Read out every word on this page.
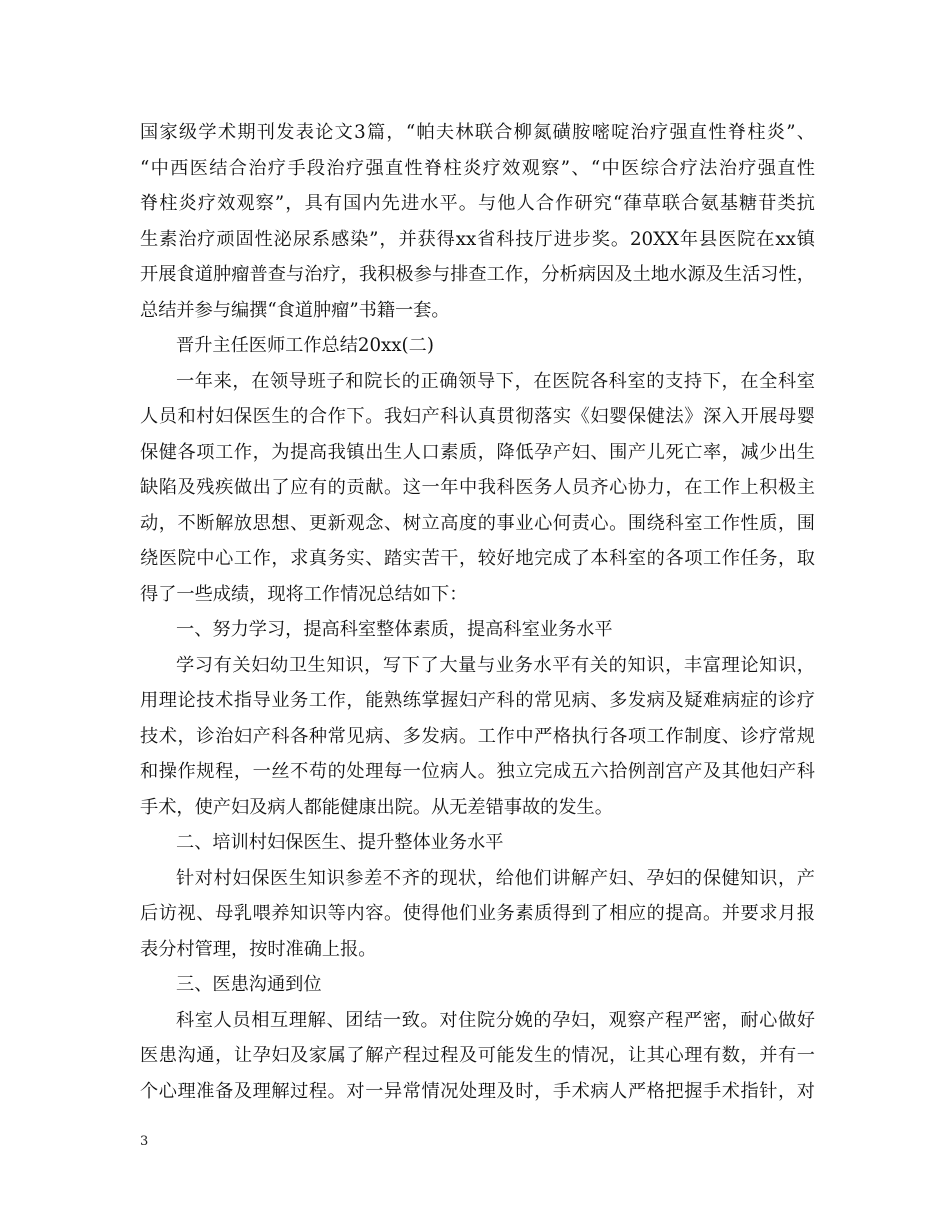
国家级学术期刊发表论文3篇，“帕夫林联合柳氮磺胺嘧啶治疗强直性脊柱炎”、
“中西医结合治疗手段治疗强直性脊柱炎疗效观察”、“中医综合疗法治疗强直性
脊柱炎疗效观察”，具有国内先进水平。与他人合作研究“葎草联合氨基糖苷类抗
生素治疗顽固性泌尿系感染”，并获得xx省科技厅进步奖。20XX年县医院在xx镇
开展食道肿瘤普查与治疗，我积极参与排查工作，分析病因及土地水源及生活习性，
总结并参与编撰“食道肿瘤”书籍一套。
晋升主任医师工作总结20xx(二)
一年来，在领导班子和院长的正确领导下，在医院各科室的支持下，在全科室
人员和村妇保医生的合作下。我妇产科认真贯彻落实《妇婴保健法》深入开展母婴
保健各项工作，为提高我镇出生人口素质，降低孕产妇、围产儿死亡率，减少出生
缺陷及残疾做出了应有的贡献。这一年中我科医务人员齐心协力，在工作上积极主
动，不断解放思想、更新观念、树立高度的事业心何责心。围绕科室工作性质，围
绕医院中心工作，求真务实、踏实苦干，较好地完成了本科室的各项工作任务，取
得了一些成绩，现将工作情况总结如下：
一、努力学习，提高科室整体素质，提高科室业务水平
学习有关妇幼卫生知识，写下了大量与业务水平有关的知识，丰富理论知识，
用理论技术指导业务工作，能熟练掌握妇产科的常见病、多发病及疑难病症的诊疗
技术，诊治妇产科各种常见病、多发病。工作中严格执行各项工作制度、诊疗常规
和操作规程，一丝不苟的处理每一位病人。独立完成五六拾例剖宫产及其他妇产科
手术，使产妇及病人都能健康出院。从无差错事故的发生。
二、培训村妇保医生、提升整体业务水平
针对村妇保医生知识参差不齐的现状，给他们讲解产妇、孕妇的保健知识，产
后访视、母乳喂养知识等内容。使得他们业务素质得到了相应的提高。并要求月报
表分村管理，按时准确上报。
三、医患沟通到位
科室人员相互理解、团结一致。对住院分娩的孕妇，观察产程严密，耐心做好
医患沟通，让孕妇及家属了解产程过程及可能发生的情况，让其心理有数，并有一
个心理准备及理解过程。对一异常情况处理及时，手术病人严格把握手术指针，对
3
